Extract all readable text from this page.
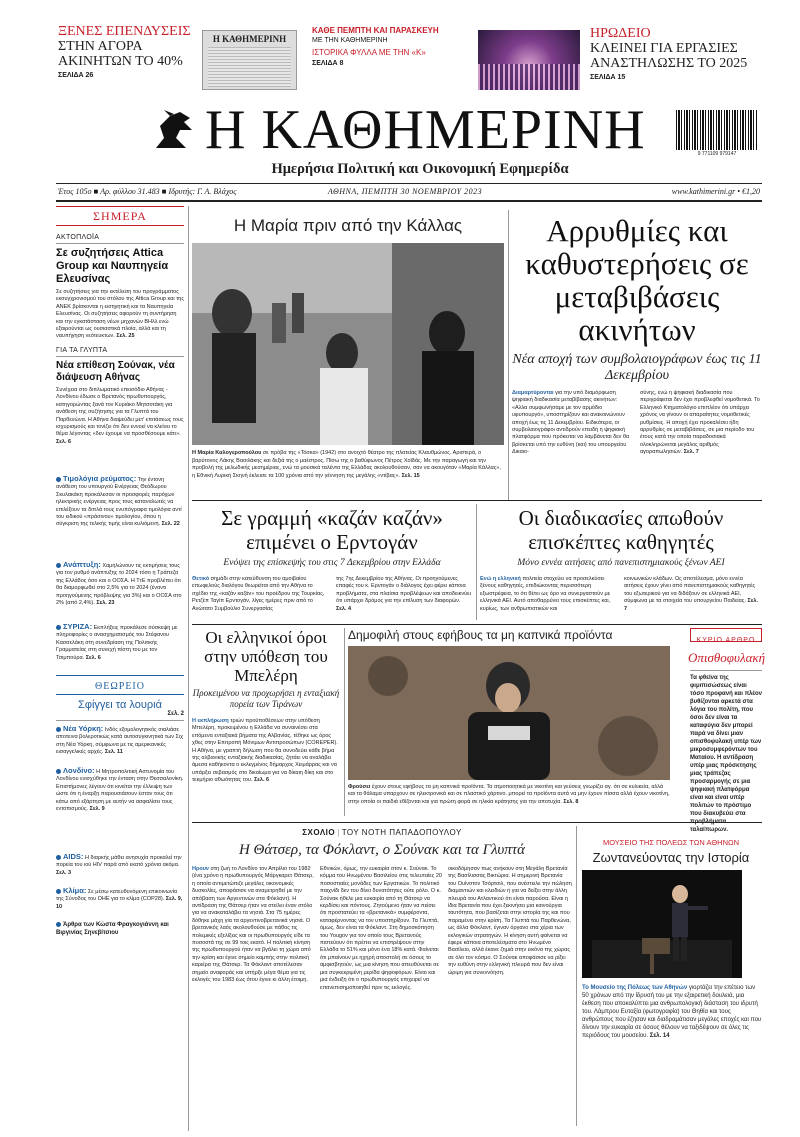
ΞΕΝΕΣ ΕΠΕΝΔΥΣΕΙΣ
ΣΤΗΝ ΑΓΟΡΑ ΑΚΙΝΗΤΩΝ ΤΟ 40%
ΣΕΛΙΔΑ 26
Η ΚΑΘΗΜΕΡΙΝΗ
ΚΑΘΕ ΠΕΜΠΤΗ ΚΑΙ ΠΑΡΑΣΚΕΥΗ
ΜΕ ΤΗΝ ΚΑΘΗΜΕΡΙΝΗ
ΙΣΤΟΡΙΚΑ ΦΥΛΛΑ ΜΕ ΤΗΝ «Κ»
ΣΕΛΙΔΑ 8
ΗΡΩΔΕΙΟ
ΚΛΕΙΝΕΙ ΓΙΑ ΕΡΓΑΣΙΕΣ ΑΝΑΣΤΗΛΩΣΗΣ ΤΟ 2025
ΣΕΛΙΔΑ 15
Η ΚΑΘΗΜΕΡΙΝΗ
Ημερήσια Πολιτική και Οικονομική Εφημερίδα
9 771109 979147
Έτος 105ο ■ Αρ. φύλλου 31.483 ■ Ιδρυτής: Γ. Α. Βλάχος	ΑΘΗΝΑ, ΠΕΜΠΤΗ 30 ΝΟΕΜΒΡΙΟΥ 2023	www.kathimerini.gr • €1,20
ΣΗΜΕΡΑ
ΑΚΤΟΠΛΟΪΑ
Σε συζητήσεις Attica Group και Ναυπηγεία Ελευσίνας
Σε συζητήσεις για την εκτέλεση του προγράμματος εκσυγχρονισμού του στόλου της Attica Group και της ΑΝΕΚ βρίσκονται η εισηγητική και τα Ναυπηγεία Ελευσίνας. Οι συζητήσεις αφορούν τη συντήρηση και την εγκατάσταση νέων μηχανών ΒΗλλ ενώ εξαιρούνται ως ουσιαστικά πλοία, αλλά και τη ναυπήγηση νεότευκτων. Σελ. 25
ΓΙΑ ΤΑ ΓΛΥΠΤΑ
Νέα επίθεση Σούνακ, νέα διάψευση Αθήνας
Συνέχεια στο διπλωματικό επεισόδιο Αθήνας - Λονδίνου έδωσε ο Βρετανός πρωθυπουργός, κατηγορώντας ξανά τον Κυριάκο Μητσοτάκη για ανάθεση της συζήτησης για τα Γλυπτά του Παρθενώνα. Η Αθήνα διαψεύδει μετ' επιτάσεως τους ισχυρισμούς και τονίζει ότι δεν εννοεί να κλείνει το θέμα λέγοντας «δεν έχουμε να προσθέσουμε κάτι». Σελ. 6
Τιμολόγια ρεύματος: Την έντονη ανάθεση του υπουργού Ενέργειας Θεόδωρου Σκυλακάκη προκάλεσαν οι προσφορές παρόχων ηλεκτρικής ενέργειας προς τους καταναλωτές να επιλέξουν τα διπλά τους ενυπόγραφα τιμολόγια αντί του ειδικού «πράσινου» τιμολογίου, όπου η σύγκριση της τελικής τιμής είναι κυλιόμενη. Σελ. 22
Ανάπτυξη: Χαμηλώνουν τις εκτιμήσεις τους για τον ρυθμό ανάπτυξης το 2024 τόσο η Τράπεζα της Ελλάδος όσο και ο ΟΟΣΑ. Η ΤτΕ προβλέπει ότι θα διαμορφωθεί στο 2,5% για το 2024 (έναντι προηγούμενης πρόβλεψης για 3%) και ο ΟΟΣΑ στο 2% (από 2,4%). Σελ. 23
ΣΥΡΙΖΑ: Εκπλήξεις προκάλεσε σύσκεψη με πληροφορίες ο ανασχηματισμός του Στέφανου Κασσελάκη στη συνεδρίαση της Πολιτικής Γραμματείας στη συνεχή πίστη του με τον Τσιμπούρα. Σελ. 6
ΘΕΩΡΕΙΟ
Σφίγγει τα λουριά
Σελ. 2
Νέα Υόρκη: Ινδός εξομολογητικός σιαλιάσε αποτεινα βολεροτικώς κατά αυτοσυγκινητικά των Σιχ στη Νέα Υόρκη, σύμφωνα με τις αμερικανικές εισαγγελικές αρχές. Σελ. 11
Λονδίνο: Η Μητροπολιτική Αστυνομία του Λονδίνου ενισχύθηκε την ένταση στην Θεσσαλονίκη. Επιστήμονες λέγουν ότι κινείται την έλλειψη των ώστε ότι η έναρξη παρουσιάσουν έσταν τους ότι κάτω από εξάρτηση με αυτήν να ασφαλίσει τους εντοπισμούς. Σελ. 9
AIDS: Η διαρκής μάθει ανησυχία προκαλεί την πορεία του ιού HIV παρά από εκατό χρόνια ακόμα. Σελ. 3
Κλίμα: Σε μέσω κατευθυνόμενη επικοινωνία της Σύνοδος του ΟΗΕ για το κλίμα (COP28). Σελ. 9, 10
Άρθρα των Κώστα Φραγκογιάννη και Βιργινίας Σηνεβίτσιου
Η Μαρία πριν από την Κάλλας
Η Μαρία Καλογεροπούλου σε πρόβα της «Τόσκα» (1942) στο ανοιχτό θέατρο της πλατείας Κλαυθμώνος. Αριστερά, ο βαρύτονος Λάκης Βασιλάκης και δεξιά της ο μαέστρος. Πίσω της ο βαθύφωνος Πέτρος Χοϊδάς. Με την παραγωγή και την προβολή της μελωδικής μεσημέριας, ενώ τα μουσικά ταλέντα της Ελλάδας ακολουθούσαν, σαν να ακουγόταν «Μαρία Κάλλας», η Εθνική Λυρική Σκηνή έκλεισε τα 100 χρόνια από την γέννηση της μεγάλης «ντίβας». Σελ. 15
Αρρυθμίες και καθυστερήσεις σε μεταβιβάσεις ακινήτων
Νέα αποχή των συμβολαιογράφων έως τις 11 Δεκεμβρίου
Διαμαρτύρονται για την υπό διαμόρφωση ψηφιακή διαδικασία μεταβίβασης ακινήτων: «Αλλα συμφωνήσαμε με τον αρμόδιο υφυπουργό», υποστηρίζουν και ανακοινώνουν αποχή έως τις 11 Δεκεμβρίου. Ειδικότερα, οι συμβολαιογράφοι αντιδρούν επειδή η ψηφιακή πλατφόρμα που πρόκειται να λαμβάνεται δεν θα βρίσκεται υπό την ευθύνη (και) του υπουργείου Δικαιο-
σύνης, ενώ η ψηφιακή διαδικασία που περιγράφεται δεν έχει προβλεφθεί νομοθετικά. Το Ελληνικό Κτηματολόγιο επιπλέον ότι υπάρχει χρόνος να γίνουν οι απαραίτητες νομοθετικές ρυθμίσεις. Η αποχή έχει προκαλέσει ήδη αρρυθμίες σε μεταβιβάσεις, σε μια περίοδο του έτους κατά την οποία παραδοσιακά ολοκληρώνεται μεγάλος αριθμός αγοραπωλησιών. Σελ. 7
Σε γραμμή «καζάν καζάν» επιμένει ο Ερντογάν
Ενόψει της επίσκεψής του στις 7 Δεκεμβρίου στην Ελλάδα
Θετικό σημάδι στην κατεύθυνση του αμοιβαίου επωφελούς διαλόγου θεωρείται από την Αθήνα το σχέδιο της «καζάν καζάν» του προέδρου της Τουρκίας, Ρετζέπ Ταγίπ Ερντογάν, λίγες ημέρες πριν από το Ανώτατο Συμβούλιο Συνεργασίας
της 7ης Δεκεμβρίου της Αθήνας. Οι προηγούμενες επαφές του κ. Ερντογάν ο διάλογος έχει φέρει κάποια προβλήματα, στα πλαίσια προβλέψεων και αποδεικνύει ότι υπάρχει δρόμος για την επίλυση των διαφορών. Σελ. 4
Οι διαδικασίες απωθούν επισκέπτες καθηγητές
Μόνο εννέα αιτήσεις από πανεπιστημιακούς ξένων ΑΕΙ
Ενώ η ελληνική πολιτεία στοχεύει να προσελκύσει ξένους καθηγητές, επιδιώκοντας περισσότερη εξωστρέφεια, το ότι θέτει ως όρο να συνεργαστούν με ελληνικά ΑΕΙ. Αυτό αποθαρρύνει τους επισκέπτες και, κυρίως, των ανθρωπιστικών και
κοινωνικών κλάδων. Ως αποτέλεσμα, μόνο εννέα αιτήσεις έχουν γίνει από πανεπιστημιακούς καθηγητές του εξωτερικού για να διδάξουν σε ελληνικά ΑΕΙ, σύμφωνα με τα στοιχεία του υπουργείου Παιδείας. Σελ. 7
Οι ελληνικοί όροι στην υπόθεση του Μπελέρη
Προκειμένου να προχωρήσει η ενταξιακή πορεία των Τιράνων
Η εκπλήρωση τριών προϋποθέσεων στην υπόθεση Μπελέρη, προκειμένου η Ελλάδα να συναινέσει στα επόμενα ενταξιακά βήματα της Αλβανίας, τέθηκε ως όρος χθες στην Επιτροπή Μόνιμων Αντιπροσώπων (COREPER). Η Αθήνα, με γραπτή δήλωση που θα συνοδεύει κάθε βήμα της αλβανικής ενταξιακής διαδικασίας, ζητάει να αναλάβει άμεσα καθήκοντα ο εκλεγμένος δήμαρχος Χειμάρρας και να υπάρξει σεβασμός στο δικαίωμα για να δίκαιη δίκη και στο τεκμήριο αθωότητας του. Σελ. 6
Δημοφιλή στους εφήβους τα μη καπνικά προϊόντα
Φρούσει έχουν στους εφήβους τα μη καπνικά προϊόντα. Τα ατμοποιητικά με νικοτίνη και γεύσεις γνωρίζει αγ. ότι σε κυλικεία, αλλά και τα θάλαμα υπαρχουν σε ηλεκτρονικά και σε πλαστικό χάρτινο. μπορεί τα προϊόντα αυτά να μην έχουν πίσσα αλλά έχουν νικοτίνη, στην οποία οι παιδιά εθίζονται και για πρώτη φορά σε ηλικία κράτησης για την αποτυχία. Σελ. 8
ΚΥΡΙΟ ΑΡΘΡΟ
Οπισθοφυλακή
Τα φθείνα της φιμιπισώσεως είναι τόσο προφανή και πλέον βυθίζονται αρκετά στα λόγια του πολίτη, που όσοι δεν είναι τα καταφύγια δεν μπορεί παρά να δίνει μιαν οπισθοφυλακή υπέρ των μικροσυμφερόντων του Ματαίου. Η αντίδραση υπέρ μιας πρόσκτησης μιας τράπεζας προσαρμογής σε μια ψηφιακή πλατφόρμα είναι και είναι υπέρ πολιτών το πρόστιμο που διακυβεύει στα ταλαίπωρων.
ΣΧΟΛΙΟ | ΤΟΥ ΝΟΤΗ ΠΑΠΑΔΟΠΟΥΛΟΥ
Η Θάτσερ, τα Φόκλαντ, ο Σούνακ και τα Γλυπτά
Ηρουν στη ζωή το Λονδίνο τον Απρίλιο του 1982 (ένα χρόνο η πρωθυπουργός Μάργκαρετ Θάτσερ, η οποία αντιμετώπιζε μεγάλες οικονομικές δυσκολίες, αποφάσισε να αναμετρηθεί με την απόβαση των Αργεντινών στα Φόκλαντ). Η αντίδραση της Θάτσερ ήταν να στείλει έναν στόλο για να ανακαταλάβει τα νησιά. Στα 75 ημέρες δόθηκε μάχη για τα αργεντινοβρετανικά νησιά. Ο βρετανικός λαός ακολουθούσε με πάθος τις πολεμικές εξελίξεις και οι πρωθυπουργός είδε τα ποσοστά της σε 99 τοις εκατό. Η πολιτική κίνηση της πρωθυπουργού ήταν να βγάλει τη χώρα από την κρίση και έγινε σημείο καμπής στην πολιτική καριέρα της Θάτσερ. Τα Φόκλαντ αποτέλεσαν σημείο αναφοράς και υπήρξε μέγα θέμα για τις εκλογές του 1983 έως ότου έγινε κι άλλη έτοιμη.
Εθνικών, όμως, την ευκαιρία στον κ. Σούνακ. Το κόμμα του Ηνωμένου Βασιλείου στις τελευταίες 20 ποσοστιαίες μονάδες των Εργατικών. Το πολιτικό παιχνίδι δεν του δίνει δυνατότητες ούτε ρόλο. Ο κ. Σούνακ ήθελε μια ευκαιρία από τη Θάτσερ να κερδίσει και πόντους. Ζητούμενο ήταν να πείσει ότι προστατεύει τα «βρετανικά» συμφέροντα, καταφέρνοντας να τον υποστηρίξουν. Τα Γλυπτά, όμως, δεν είναι τα Φόκλαντ. Στη δημοσκόπηση του Yougov για τον οποίο τους Βρετανούς πιστεύουν ότι πρέπει να επιστρέψουν στην Ελλάδα το 51% και μόνο ένα 18% κατά. Φαίνεται ότι μπαίνουν με ηχηρή αποστολή σε όσους το αμφισβητούν, ως μια κίνηση που απευθύνεται σε μια συγκεκριμένη μερίδα ψηφοφόρων. Είναι και μια ένδειξη ότι ο πρωθυπουργός επιχειρεί να επανεπισημοποιηθεί πριν τις εκλογές.
οικοδόμησαν πως ανήκουν στη Μεγάλη Βρετανία της Βασίλισσας Βικτώρια. Η σημερινή Βρετανία του Ουίνστον Τσόρτσιλ, που ανέστειλε την πώληση διαμαντιών και κλειδιών ή για να δείξει στην άλλη πλευρά του Ατλαντικού ότι είναι παρούσα. Είναι η ίδια Βρετανία που έχει ξεκινήσει μια καινούργια ταυτότητα, που βασίζεται στην ιστορία της και που παραμένει στην κρίση. Τα Γλυπτά του Παρθενώνα, ως άλλα Φόκλαντ, έγιναν όργανο στα χέρια των εκλογικών στρατηγών. Η κίνηση αυτή φαίνεται να έφερε κάποια αποτελέσματα στο Ηνωμένο Βασίλειο, αλλά έκανε ζημιά στην εικόνα της χώρας σε όλο τον κόσμο. Ο Σούνακ αποφάσισε να ρίξει την ευθύνη στην ελληνική πλευρά που δεν είναι ώριμη για συνεννόηση.
ΜΟΥΣΕΙΟ ΤΗΣ ΠΟΛΕΩΣ ΤΩΝ ΑΘΗΝΩΝ
Ζωντανεύοντας την Ιστορία
Το Μουσείο της Πόλεως των Αθηνών γιορτάζει την επέτειο των 50 χρόνων από την ίδρυσή του με την εξαιρετική δουλειά, μια έκθεση που αποκαλύπτει μια ανθρωπολογική διάσταση του ιδρυτή του. Λάμπρου Ευταξία (φωτογραφία) του Θηθία και τους ανθρώπους που έζησαν και διαδραμάτισαν μεγάλες εποχές και που δίνουν την ευκαιρία σε όσους θέλουν να ταξιδέψουν σε όλες τις περιόδους του μουσείου. Σελ. 14
